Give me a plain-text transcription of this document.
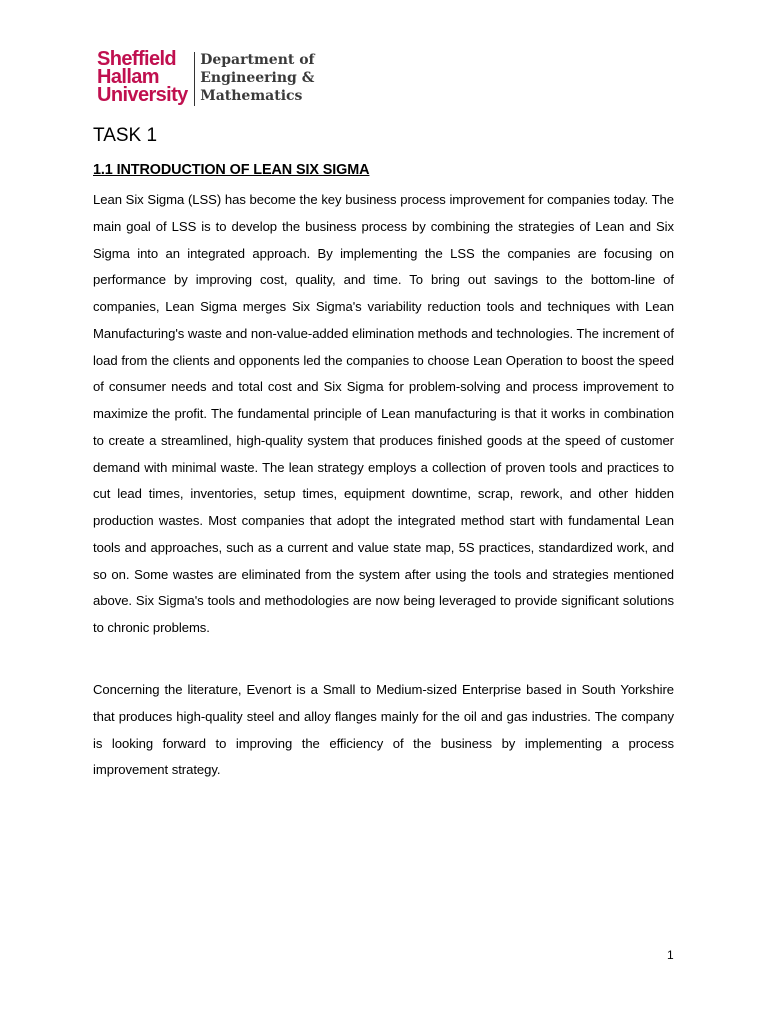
Sheffield
Hallam
University
Department of
Engineering &
Mathematics
TASK 1
1.1 INTRODUCTION OF LEAN SIX SIGMA

Lean Six Sigma (LSS) has become the key business process improvement for companies today. The main goal of LSS is to develop the business process by combining the strategies of Lean and Six Sigma into an integrated approach. By implementing the LSS the companies are focusing on performance by improving cost, quality, and time. To bring out savings to the bottom-line of companies, Lean Sigma merges Six Sigma's variability reduction tools and techniques with Lean Manufacturing's waste and non-value-added elimination methods and technologies. The increment of load from the clients and opponents led the companies to choose Lean Operation to boost the speed of consumer needs and total cost and Six Sigma for problem-solving and process improvement to maximize the profit. The fundamental principle of Lean manufacturing is that it works in combination to create a streamlined, high-quality system that produces finished goods at the speed of customer demand with minimal waste. The lean strategy employs a collection of proven tools and practices to cut lead times, inventories, setup times, equipment downtime, scrap, rework, and other hidden production wastes. Most companies that adopt the integrated method start with fundamental Lean tools and approaches, such as a current and value state map, 5S practices, standardized work, and so on. Some wastes are eliminated from the system after using the tools and strategies mentioned above. Six Sigma's tools and methodologies are now being leveraged to provide significant solutions to chronic problems.

Concerning the literature, Evenort is a Small to Medium-sized Enterprise based in South Yorkshire that produces high-quality steel and alloy flanges mainly for the oil and gas industries. The company is looking forward to improving the efficiency of the business by implementing a process improvement strategy.

1
